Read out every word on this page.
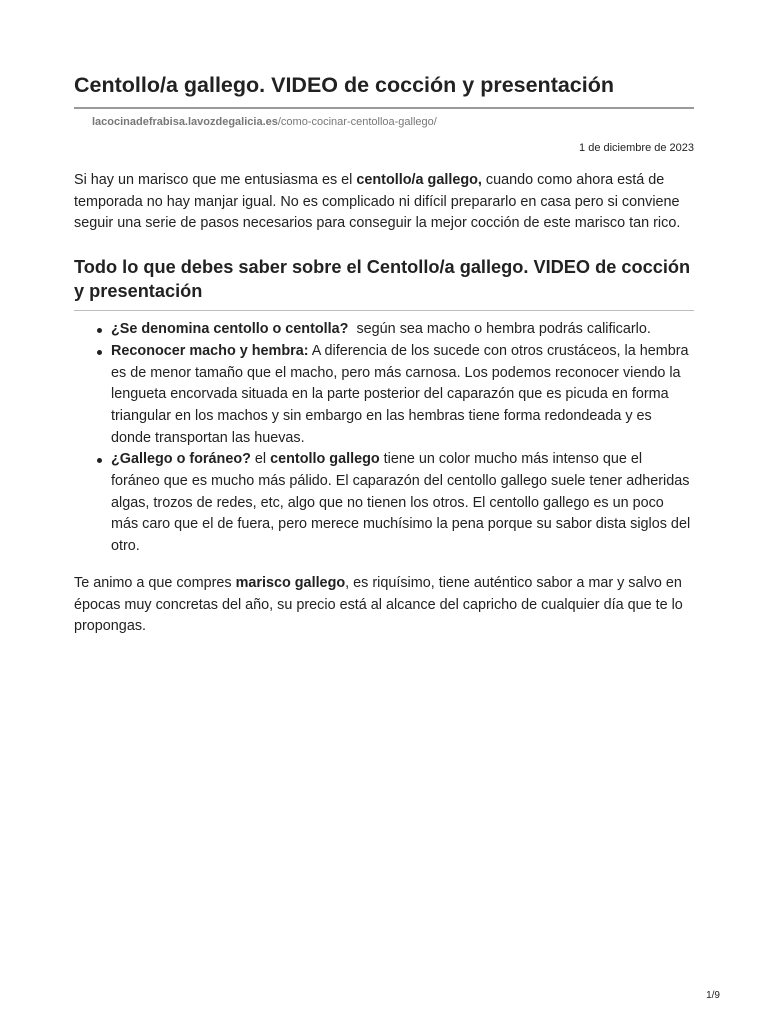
Centollo/a gallego. VIDEO de cocción y presentación
lacocinadefrabisa.lavozdegalicia.es/como-cocinar-centolloa-gallego/
1 de diciembre de 2023

Si hay un marisco que me entusiasma es el centollo/a gallego, cuando como ahora está de temporada no hay manjar igual. No es complicado ni difícil prepararlo en casa pero si conviene seguir una serie de pasos necesarios para conseguir la mejor cocción de este marisco tan rico.

Todo lo que debes saber sobre el Centollo/a gallego. VIDEO de cocción y presentación
¿Se denomina centollo o centolla?  según sea macho o hembra podrás calificarlo.
Reconocer macho y hembra: A diferencia de los sucede con otros crustáceos, la hembra es de menor tamaño que el macho, pero más carnosa. Los podemos reconocer viendo la lengueta encorvada situada en la parte posterior del caparazón que es picuda en forma triangular en los machos y sin embargo en las hembras tiene forma redondeada y es donde transportan las huevas.
¿Gallego o foráneo? el centollo gallego tiene un color mucho más intenso que el foráneo que es mucho más pálido. El caparazón del centollo gallego suele tener adheridas algas, trozos de redes, etc, algo que no tienen los otros. El centollo gallego es un poco más caro que el de fuera, pero merece muchísimo la pena porque su sabor dista siglos del otro.

Te animo a que compres marisco gallego, es riquísimo, tiene auténtico sabor a mar y salvo en épocas muy concretas del año, su precio está al alcance del capricho de cualquier día que te lo propongas.

1/9
